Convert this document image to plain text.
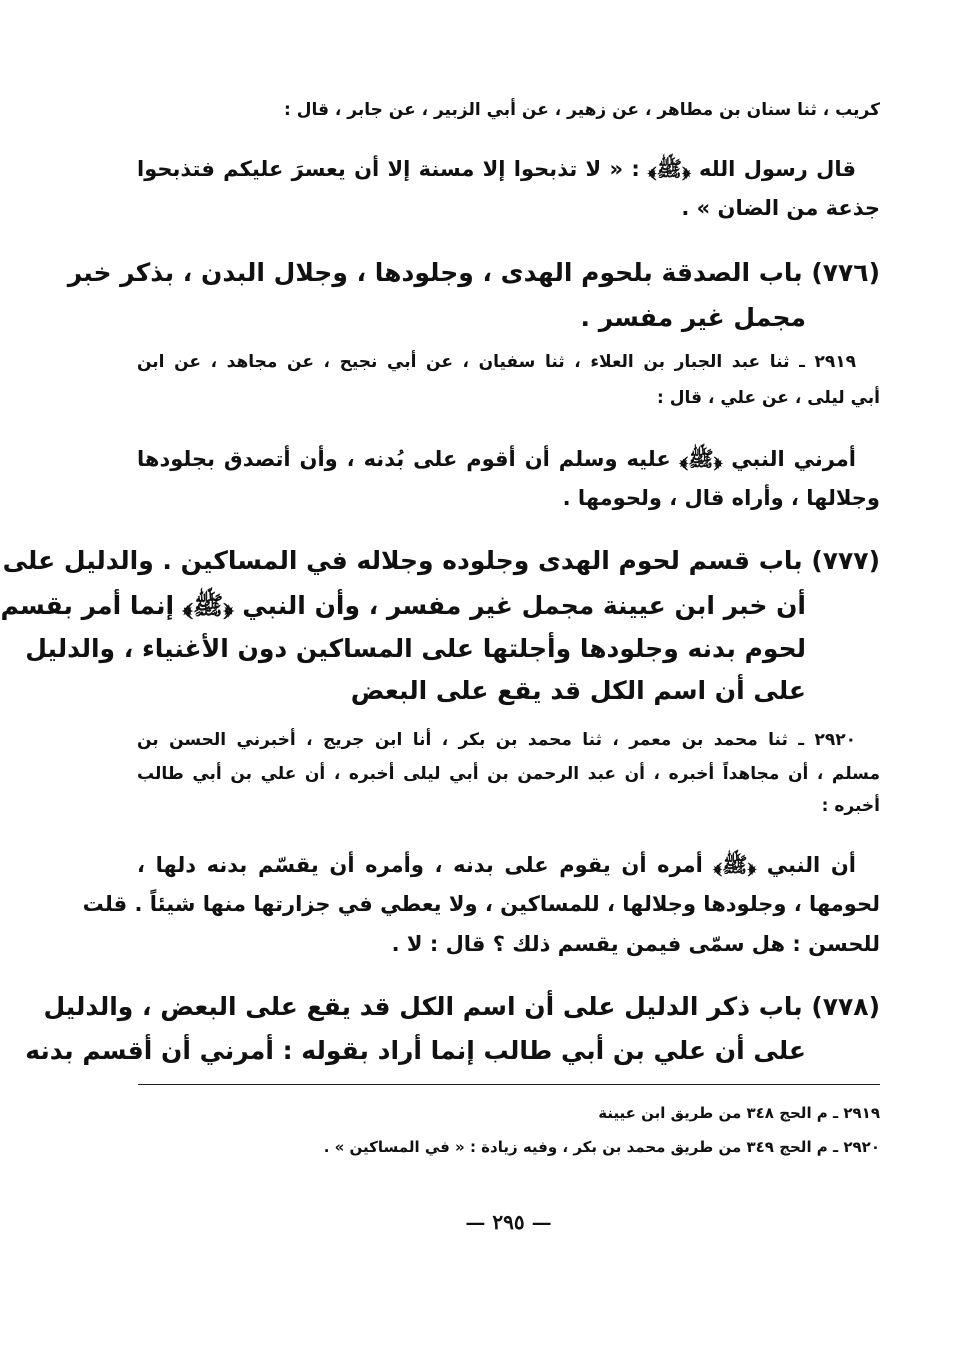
كريب ، ثنا سنان بن مطاهر ، عن زهير ، عن أبي الزبير ، عن جابر ، قال :
قال رسول الله ﴿ﷺ﴾ : « لا تذبحوا إلا مسنة إلا أن يعسرَ عليكم فتذبحوا
جذعة من الضان » .
(٧٧٦) باب الصدقة بلحوم الهدى ، وجلودها ، وجلال البدن ، بذكر خبر
مجمل غير مفسر .
٢٩١٩ ـ ثنا عبد الجبار بن العلاء ، ثنا سفيان ، عن أبي نجيح ، عن مجاهد ، عن ابن
أبي ليلى ، عن علي ، قال :
أمرني النبي ﴿ﷺ﴾ عليه وسلم أن أقوم على بُدنه ، وأن أتصدق بجلودها
وجلالها ، وأراه قال ، ولحومها .
(٧٧٧) باب قسم لحوم الهدى وجلوده وجلاله في المساكين . والدليل على
أن خبر ابن عيينة مجمل غير مفسر ، وأن النبي ﴿ﷺ﴾ إنما أمر بقسم
لحوم بدنه وجلودها وأجلتها على المساكين دون الأغنياء ، والدليل
على أن اسم الكل قد يقع على البعض
٢٩٢٠ ـ ثنا محمد بن معمر ، ثنا محمد بن بكر ، أنا ابن جريج ، أخبرني الحسن بن
مسلم ، أن مجاهداً أخبره ، أن عبد الرحمن بن أبي ليلى أخبره ، أن علي بن أبي طالب
أخبره :
أن النبي ﴿ﷺ﴾ أمره أن يقوم على بدنه ، وأمره أن يقسّم بدنه دلها ،
لحومها ، وجلودها وجلالها ، للمساكين ، ولا يعطي في جزارتها منها شيئاً . قلت
للحسن : هل سمّى فيمن يقسم ذلك ؟ قال : لا .
(٧٧٨) باب ذكر الدليل على أن اسم الكل قد يقع على البعض ، والدليل
على أن علي بن أبي طالب إنما أراد بقوله : أمرني أن أقسم بدنه
٢٩١٩ ـ م الحج ٣٤٨ من طريق ابن عيينة
٢٩٢٠ ـ م الحج ٣٤٩ من طريق محمد بن بكر ، وفيه زيادة : « في المساكين » .
— ٢٩٥ —
